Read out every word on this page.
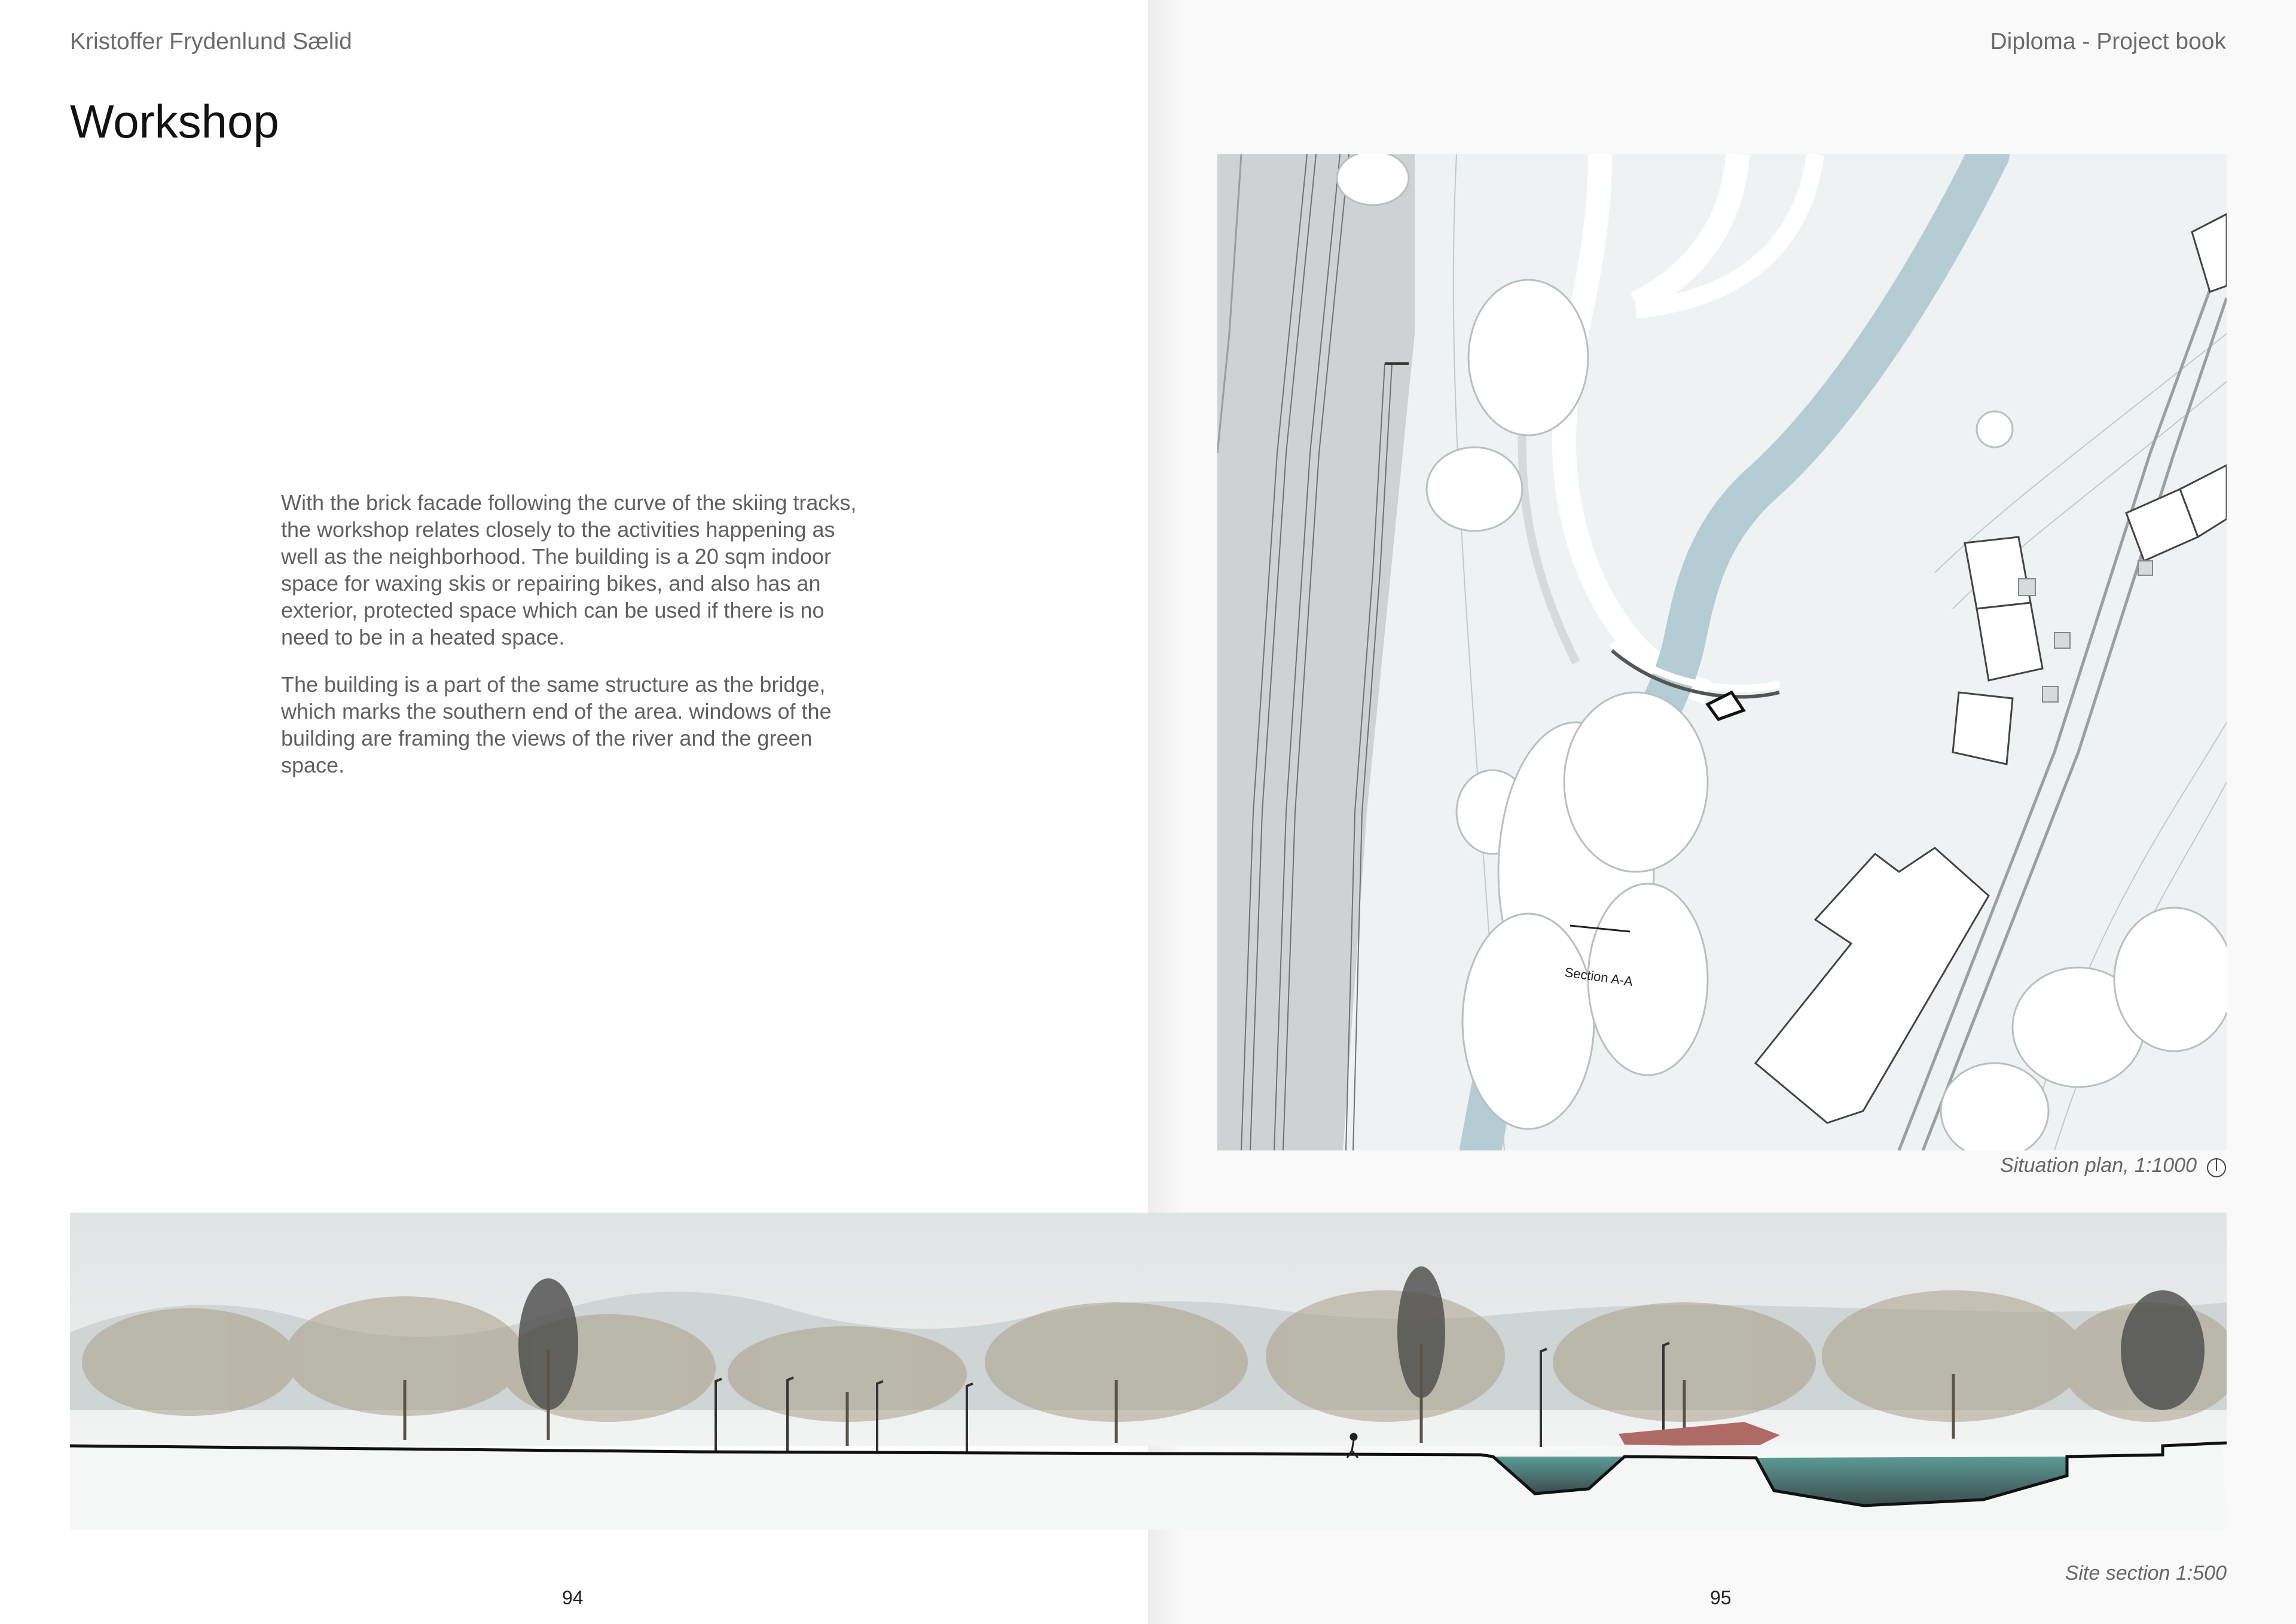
Kristoffer Frydenlund Sælid	Diploma - Project book
Workshop

With the brick facade following the curve of the skiing tracks, the workshop relates closely to the activities happening as well as the neighborhood. The building is a 20 sqm indoor space for waxing skis or repairing bikes, and also has an exterior, protected space which can be used if there is no need to be in a heated space.

The building is a part of the same structure as the bridge, which marks the southern end of the area. windows of the building are framing the views of the river and the green space.

Section A-A
Situation plan, 1:1000
Site section 1:500
94	95
